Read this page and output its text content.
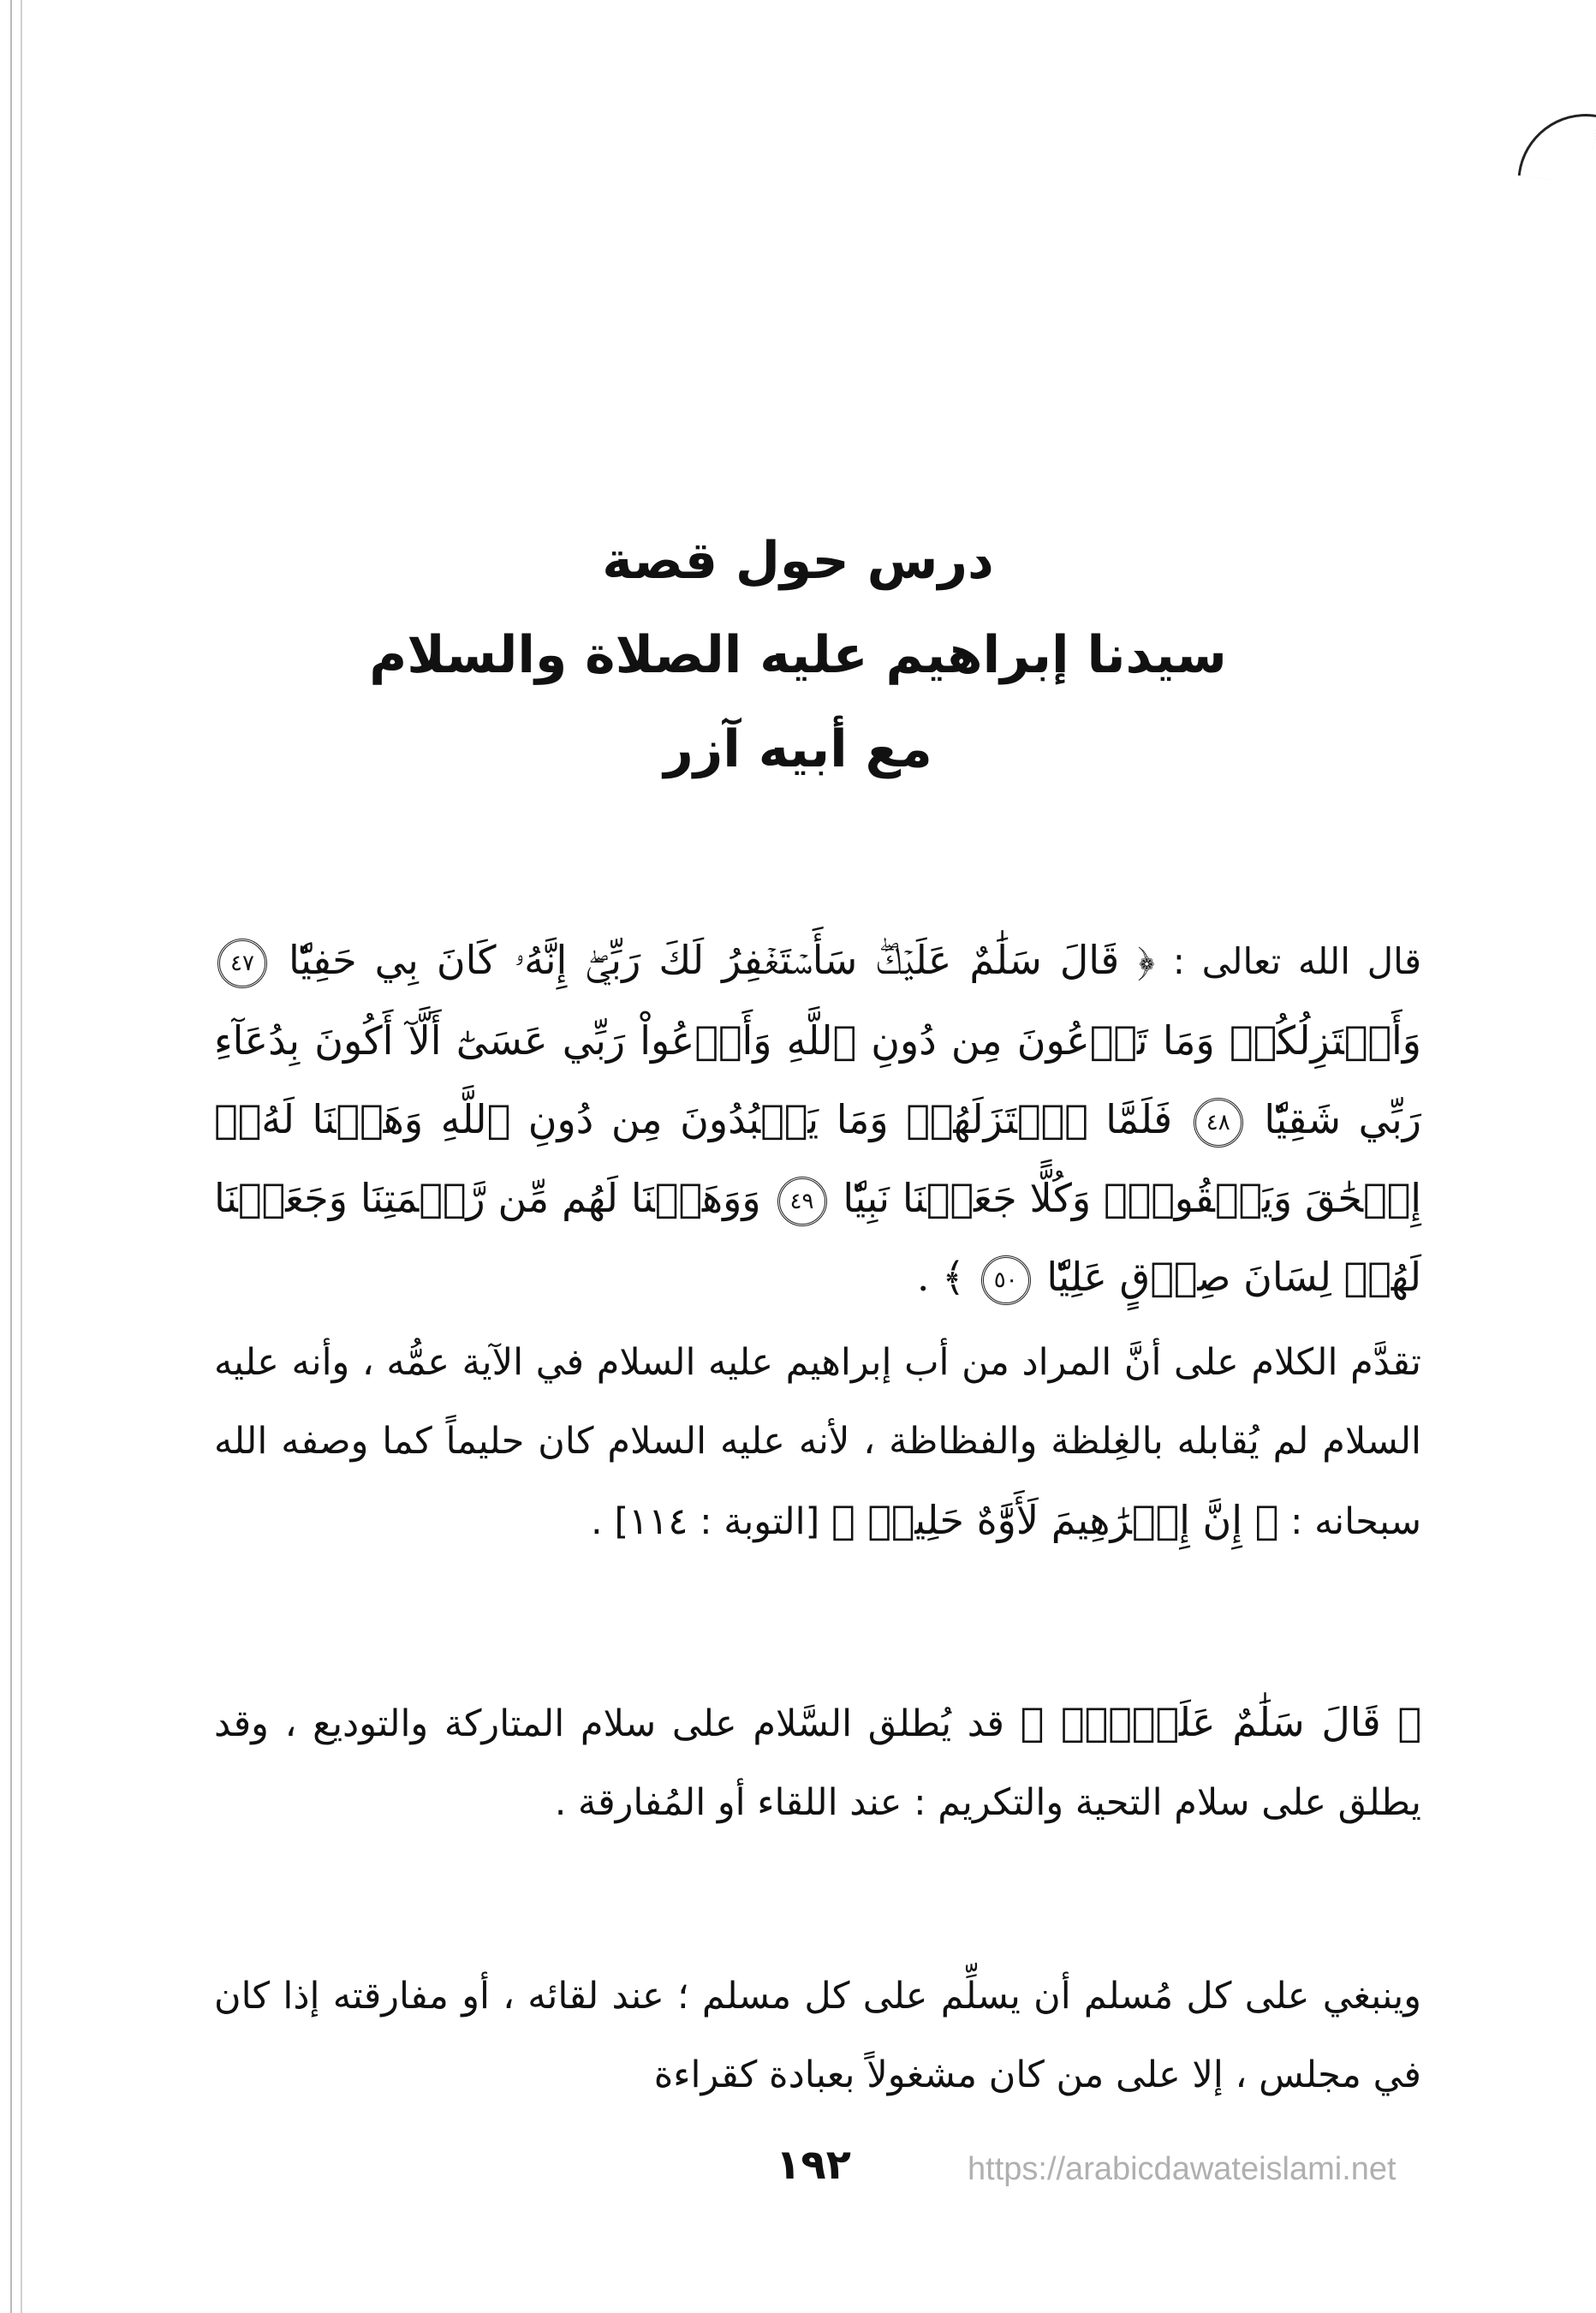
درس حول قصة
سيدنا إبراهيم عليه الصلاة والسلام
مع أبيه آزر
قال الله تعالى : ﴿ قَالَ سَلَٰمٌ عَلَيۡكَۖ سَأَسۡتَغۡفِرُ لَكَ رَبِّيٓۖ إِنَّهُۥ كَانَ بِي حَفِيّٗا ٤٧ وَأَعۡتَزِلُكُمۡ وَمَا تَدۡعُونَ مِن دُونِ ٱللَّهِ وَأَدۡعُواْ رَبِّي عَسَىٰٓ أَلَّآ أَكُونَ بِدُعَآءِ رَبِّي شَقِيّٗا ٤٨ فَلَمَّا ٱعۡتَزَلَهُمۡ وَمَا يَعۡبُدُونَ مِن دُونِ ٱللَّهِ وَهَبۡنَا لَهُۥٓ إِسۡحَٰقَ وَيَعۡقُوبَۖ وَكُلًّا جَعَلۡنَا نَبِيّٗا ٤٩ وَوَهَبۡنَا لَهُم مِّن رَّحۡمَتِنَا وَجَعَلۡنَا لَهُمۡ لِسَانَ صِدۡقٍ عَلِيّٗا ٥٠ ﴾ .
تقدَّم الكلام على أنَّ المراد من أب إبراهيم عليه السلام في الآية عمُّه ، وأنه عليه السلام لم يُقابله بالغِلظة والفظاظة ، لأنه عليه السلام كان حليماً كما وصفه الله سبحانه : ﴿ إِنَّ إِبۡرَٰهِيمَ لَأَوَّٰهٌ حَلِيمٞ ﴾ [التوبة : ١١٤] .
﴿ قَالَ سَلَٰمٌ عَلَيۡكَۖ ﴾ قد يُطلق السَّلام على سلام المتاركة والتوديع ، وقد يطلق على سلام التحية والتكريم : عند اللقاء أو المُفارقة .
وينبغي على كل مُسلم أن يسلِّم على كل مسلم ؛ عند لقائه ، أو مفارقته إذا كان في مجلس ، إلا على من كان مشغولاً بعبادة كقراءة
١٩٢	https://arabicdawateislami.net
